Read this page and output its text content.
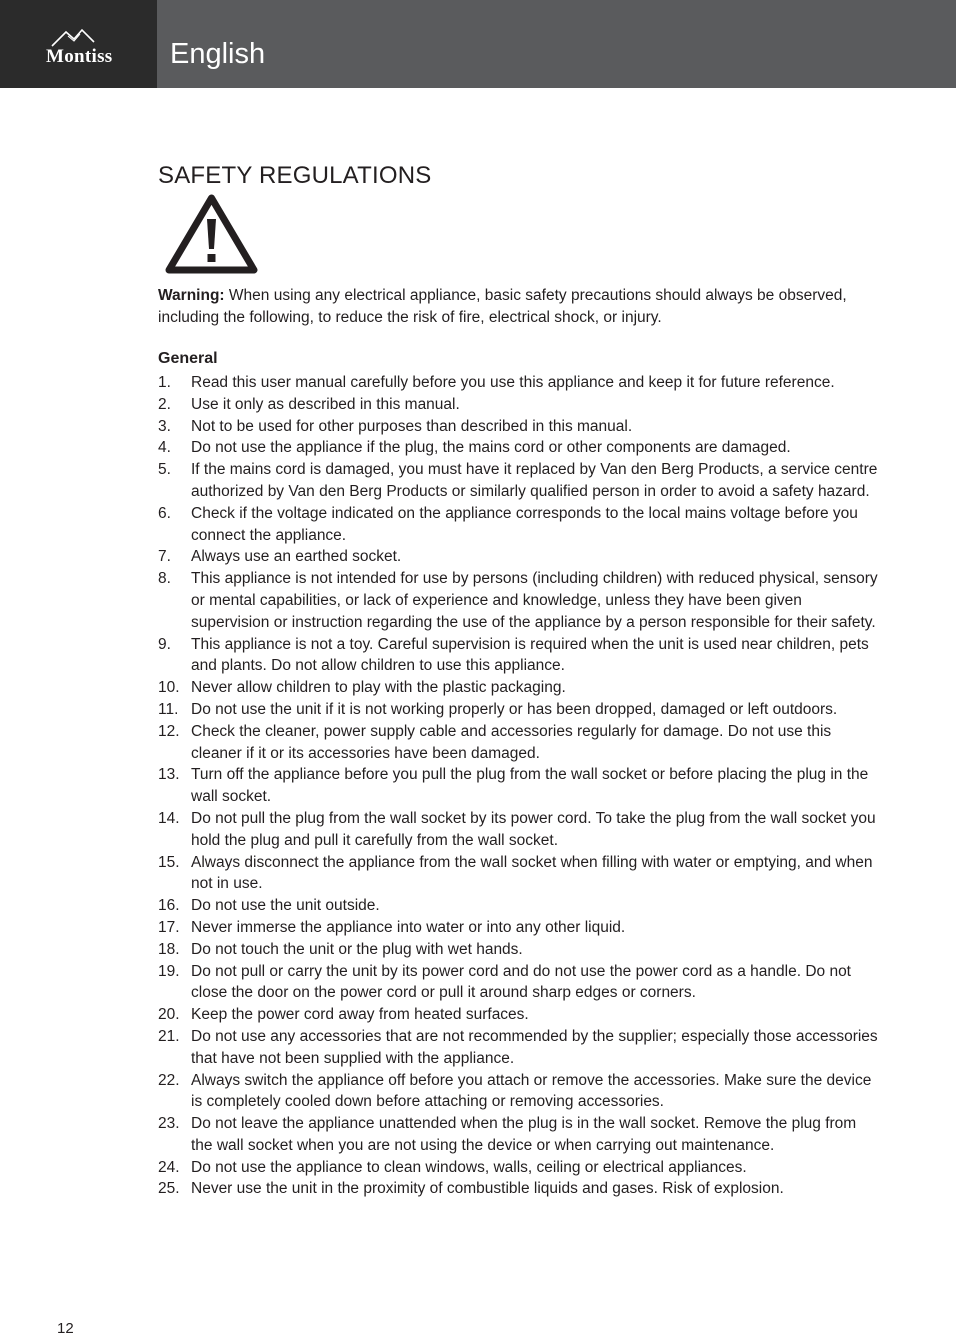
Montiss English
SAFETY REGULATIONS

Warning: When using any electrical appliance, basic safety precautions should always be observed, including the following, to reduce the risk of fire, electrical shock, or injury.

General
1.	Read this user manual carefully before you use this appliance and keep it for future reference.
2.	Use it only as described in this manual.
3.	Not to be used for other purposes than described in this manual.
4.	Do not use the appliance if the plug, the mains cord or other components are damaged.
5.	If the mains cord is damaged, you must have it replaced by Van den Berg Products, a service centre authorized by Van den Berg Products or similarly qualified person in order to avoid a safety hazard.
6.	Check if the voltage indicated on the appliance corresponds to the local mains voltage before you connect the appliance.
7.	Always use an earthed socket.
8.	This appliance is not intended for use by persons (including children) with reduced physical, sensory or mental capabilities, or lack of experience and knowledge, unless they have been given supervision or instruction regarding the use of the appliance by a person responsible for their safety.
9.	This appliance is not a toy. Careful supervision is required when the unit is used near children, pets and plants. Do not allow children to use this appliance.
10. Never allow children to play with the plastic packaging.
11. Do not use the unit if it is not working properly or has been dropped, damaged or left outdoors.
12. Check the cleaner, power supply cable and accessories regularly for damage. Do not use this cleaner if it or its accessories have been damaged.
13. Turn off the appliance before you pull the plug from the wall socket or before placing the plug in the wall socket.
14. Do not pull the plug from the wall socket by its power cord. To take the plug from the wall socket you hold the plug and pull it carefully from the wall socket.
15. Always disconnect the appliance from the wall socket when filling with water or emptying, and when not in use.
16. Do not use the unit outside.
17. Never immerse the appliance into water or into any other liquid.
18. Do not touch the unit or the plug with wet hands.
19. Do not pull or carry the unit by its power cord and do not use the power cord as a handle. Do not close the door on the power cord or pull it around sharp edges or corners.
20. Keep the power cord away from heated surfaces.
21. Do not use any accessories that are not recommended by the supplier; especially those accessories that have not been supplied with the appliance.
22. Always switch the appliance off before you attach or remove the accessories. Make sure the device is completely cooled down before attaching or removing accessories.
23. Do not leave the appliance unattended when the plug is in the wall socket. Remove the plug from the wall socket when you are not using the device or when carrying out maintenance.
24. Do not use the appliance to clean windows, walls, ceiling or electrical appliances.
25. Never use the unit in the proximity of combustible liquids and gases. Risk of explosion.
12
